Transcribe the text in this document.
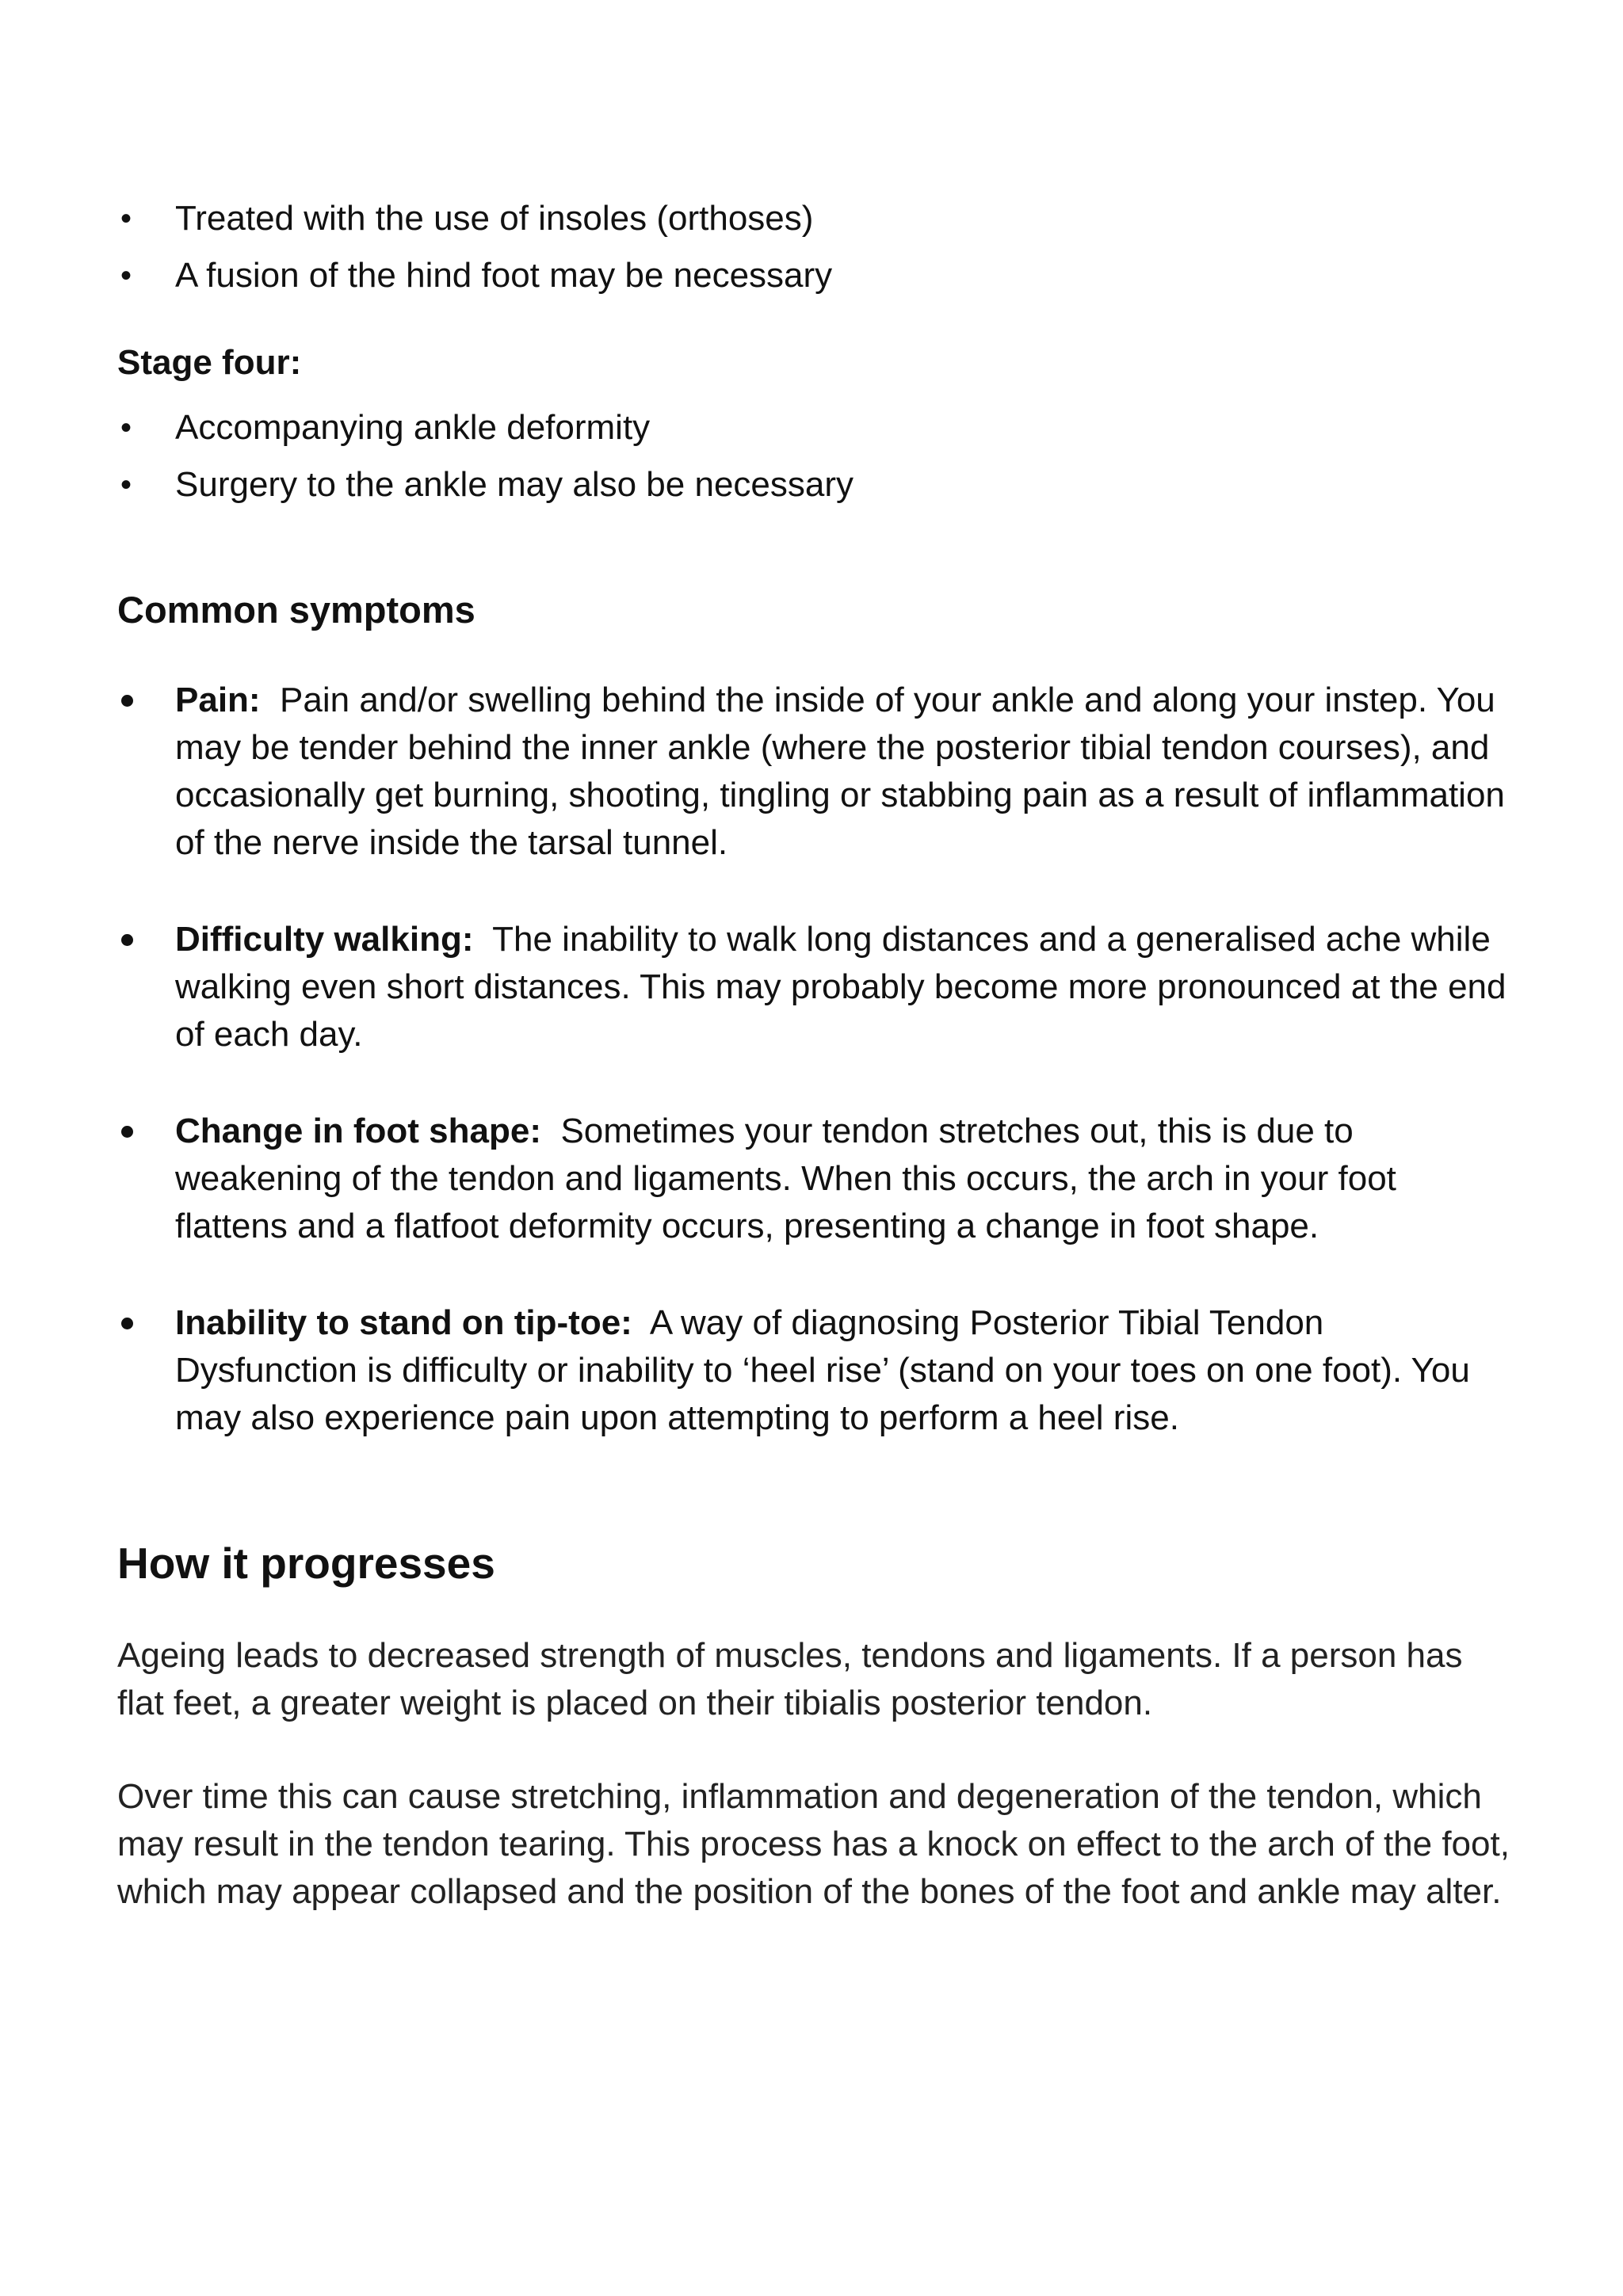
• Treated with the use of insoles (orthoses)
• A fusion of the hind foot may be necessary
Stage four:
• Accompanying ankle deformity
• Surgery to the ankle may also be necessary
Common symptoms
Pain: Pain and/or swelling behind the inside of your ankle and along your instep. You may be tender behind the inner ankle (where the posterior tibial tendon courses), and occasionally get burning, shooting, tingling or stabbing pain as a result of inflammation of the nerve inside the tarsal tunnel.
Difficulty walking: The inability to walk long distances and a generalised ache while walking even short distances. This may probably become more pronounced at the end of each day.
Change in foot shape: Sometimes your tendon stretches out, this is due to weakening of the tendon and ligaments. When this occurs, the arch in your foot flattens and a flatfoot deformity occurs, presenting a change in foot shape.
Inability to stand on tip-toe: A way of diagnosing Posterior Tibial Tendon Dysfunction is difficulty or inability to ‘heel rise’ (stand on your toes on one foot). You may also experience pain upon attempting to perform a heel rise.
How it progresses

Ageing leads to decreased strength of muscles, tendons and ligaments. If a person has flat feet, a greater weight is placed on their tibialis posterior tendon.

Over time this can cause stretching, inflammation and degeneration of the tendon, which may result in the tendon tearing. This process has a knock on effect to the arch of the foot, which may appear collapsed and the position of the bones of the foot and ankle may alter.
